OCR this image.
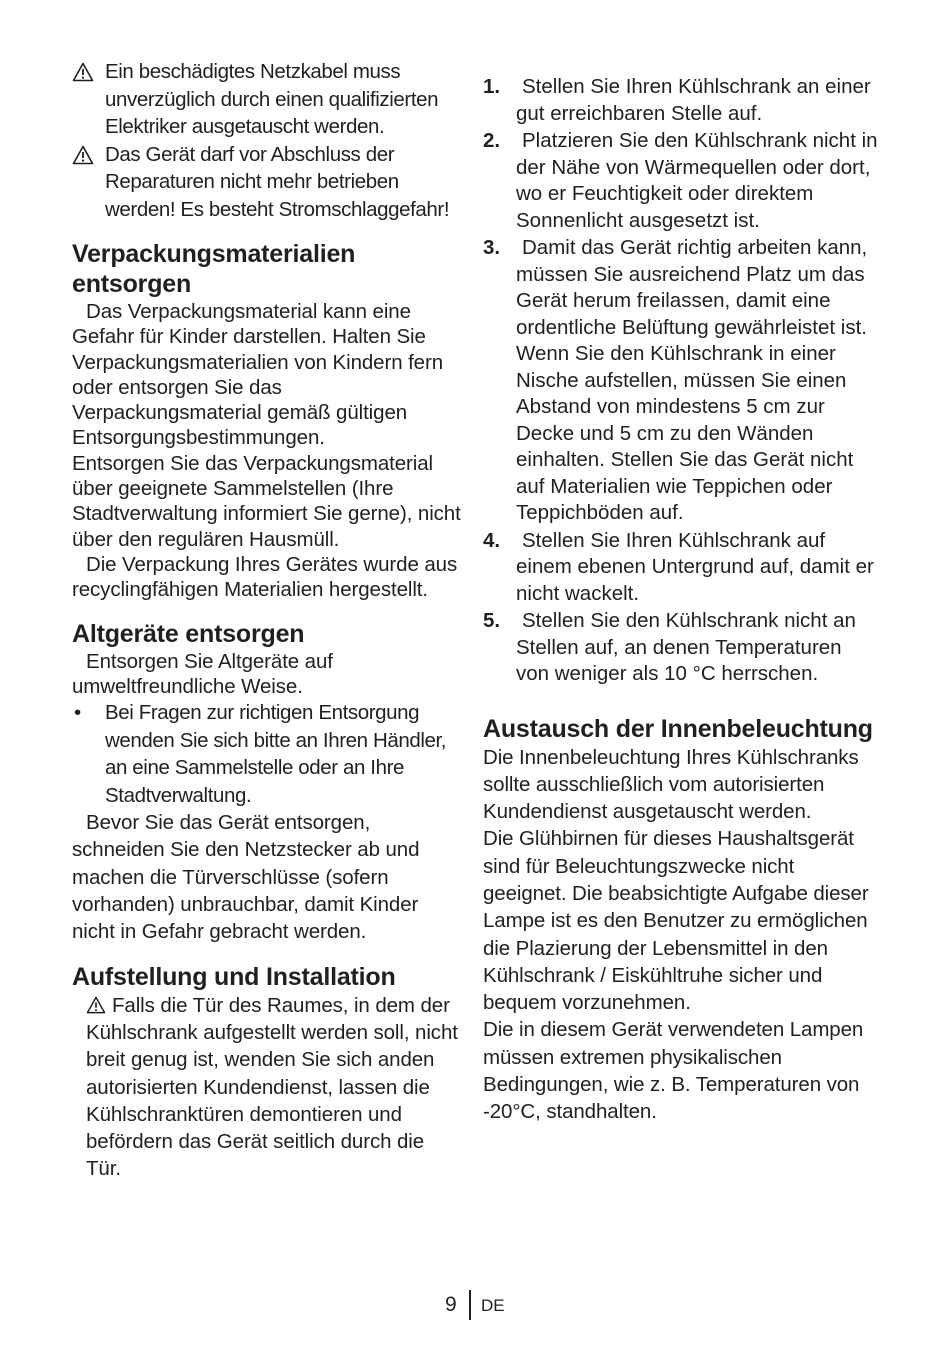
Ein beschädigtes Netzkabel muss unverzüglich durch einen qualifizierten Elektriker ausgetauscht werden.
Das Gerät darf vor Abschluss der Reparaturen nicht mehr betrieben werden! Es besteht Stromschlaggefahr!
Verpackungsmaterialien entsorgen

Das Verpackungsmaterial kann eine Gefahr für Kinder darstellen. Halten Sie Verpackungsmaterialien von Kindern fern oder entsorgen Sie das Verpackungsmaterial gemäß gültigen Entsorgungsbestimmungen.

Entsorgen Sie das Verpackungsmaterial über geeignete Sammelstellen (Ihre Stadtverwaltung informiert Sie gerne), nicht über den regulären Hausmüll.

Die Verpackung Ihres Gerätes wurde aus recyclingfähigen Materialien hergestellt.

Altgeräte entsorgen

Entsorgen Sie Altgeräte auf umweltfreundliche Weise.

• Bei Fragen zur richtigen Entsorgung wenden Sie sich bitte an Ihren Händler, an eine Sammelstelle oder an Ihre Stadtverwaltung.

Bevor Sie das Gerät entsorgen, schneiden Sie den Netzstecker ab und machen die Türverschlüsse (sofern vorhanden) unbrauchbar, damit Kinder nicht in Gefahr gebracht werden.

Aufstellung und Installation

Falls die Tür des Raumes, in dem der Kühlschrank aufgestellt werden soll, nicht breit genug ist, wenden Sie sich anden autorisierten Kundendienst, lassen die Kühlschranktüren demontieren und befördern das Gerät seitlich durch die Tür.

1. Stellen Sie Ihren Kühlschrank an einer gut erreichbaren Stelle auf.
2. Platzieren Sie den Kühlschrank nicht in der Nähe von Wärmequellen oder dort, wo er Feuchtigkeit oder direktem Sonnenlicht ausgesetzt ist.
3. Damit das Gerät richtig arbeiten kann, müssen Sie ausreichend Platz um das Gerät herum freilassen, damit eine ordentliche Belüftung gewährleistet ist. Wenn Sie den Kühlschrank in einer Nische aufstellen, müssen Sie einen Abstand von mindestens 5 cm zur Decke und 5 cm zu den Wänden einhalten. Stellen Sie das Gerät nicht auf Materialien wie Teppichen oder Teppichböden auf.
4. Stellen Sie Ihren Kühlschrank auf einem ebenen Untergrund auf, damit er nicht wackelt.
5. Stellen Sie den Kühlschrank nicht an Stellen auf, an denen Temperaturen von weniger als 10 °C herrschen.
Austausch der Innenbeleuchtung

Die Innenbeleuchtung Ihres Kühlschranks sollte ausschließlich vom autorisierten Kundendienst ausgetauscht werden.

Die Glühbirnen für dieses Haushaltsgerät sind für Beleuchtungszwecke nicht geeignet. Die beabsichtigte Aufgabe dieser Lampe ist es den Benutzer zu ermöglichen die Plazierung der Lebensmittel in den Kühlschrank / Eiskühltruhe sicher und bequem vorzunehmen.

Die in diesem Gerät verwendeten Lampen müssen extremen physikalischen Bedingungen, wie z. B. Temperaturen von -20°C, standhalten.

9 DE
